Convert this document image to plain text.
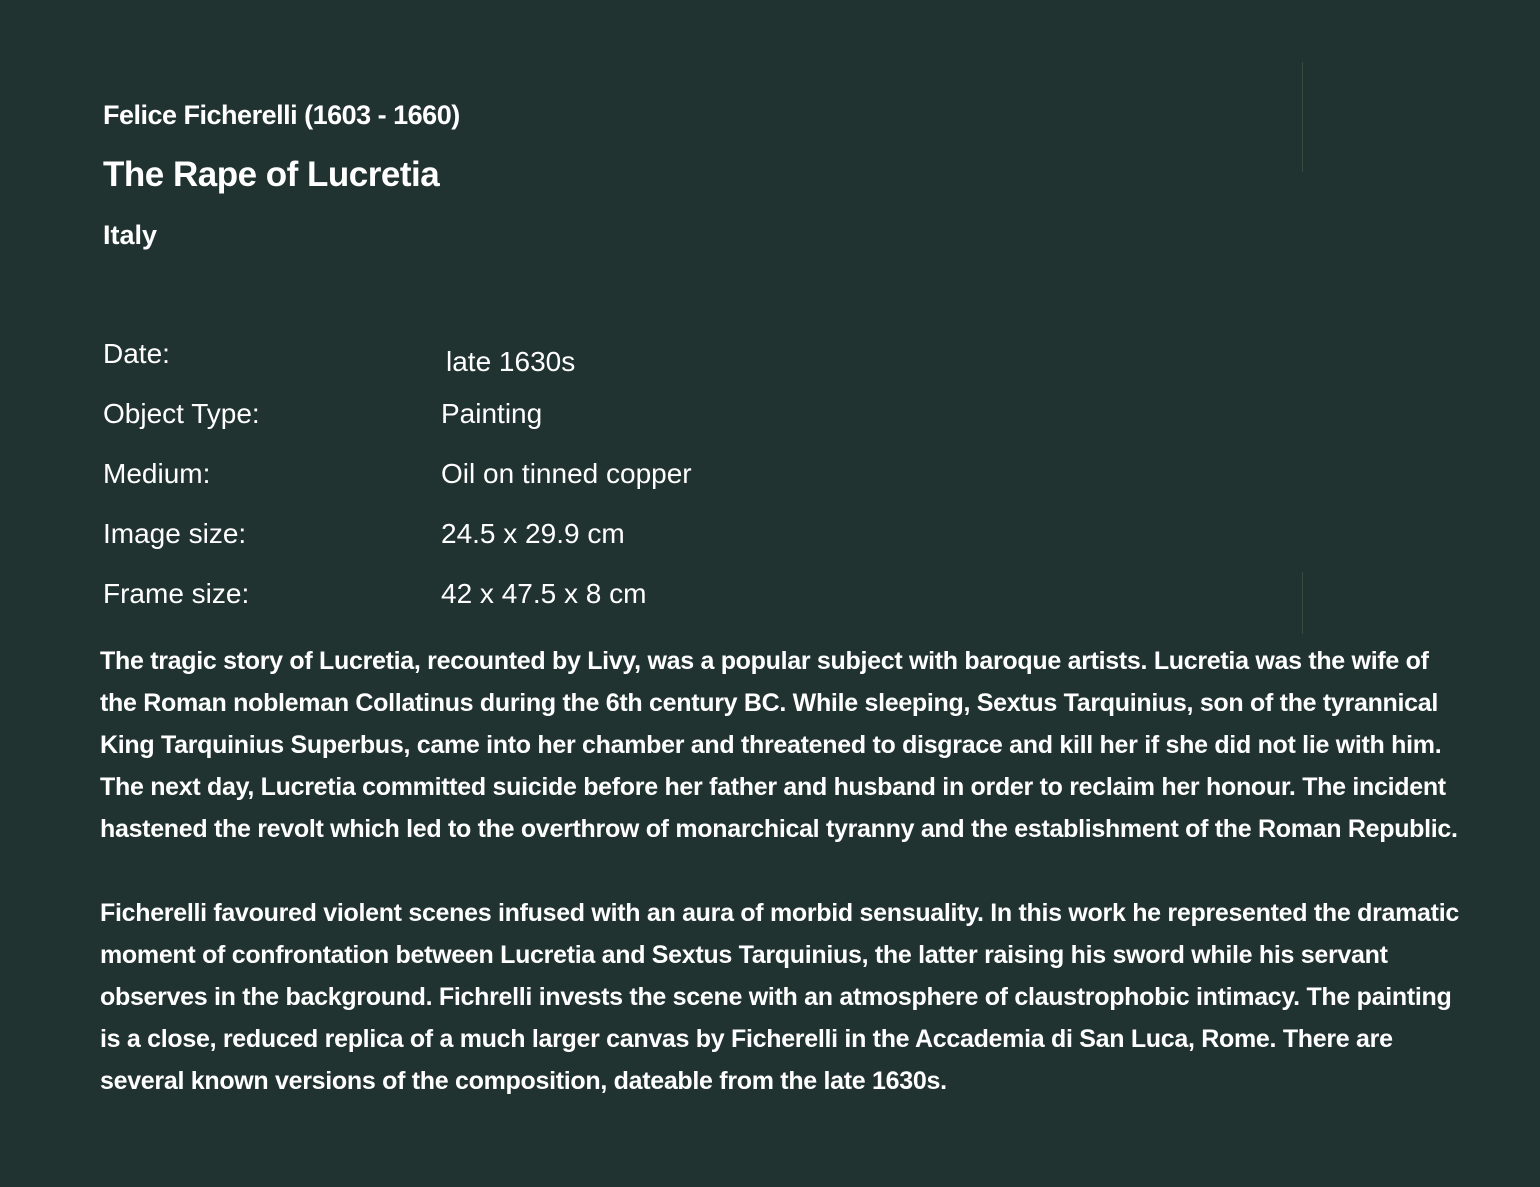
Felice Ficherelli (1603 - 1660)
The Rape of Lucretia
Italy
Date:	late 1630s
Object Type:	Painting
Medium:	Oil on tinned copper
Image size:	24.5 x 29.9 cm
Frame size:	42 x 47.5 x 8 cm

The tragic story of Lucretia, recounted by Livy, was a popular subject with baroque artists. Lucretia was the wife of the Roman nobleman Collatinus during the 6th century BC. While sleeping, Sextus Tarquinius, son of the tyrannical King Tarquinius Superbus, came into her chamber and threatened to disgrace and kill her if she did not lie with him. The next day, Lucretia committed suicide before her father and husband in order to reclaim her honour. The incident hastened the revolt which led to the overthrow of monarchical tyranny and the establishment of the Roman Republic.

Ficherelli favoured violent scenes infused with an aura of morbid sensuality. In this work he represented the dramatic moment of confrontation between Lucretia and Sextus Tarquinius, the latter raising his sword while his servant observes in the background. Fichrelli invests the scene with an atmosphere of claustrophobic intimacy. The painting is a close, reduced replica of a much larger canvas by Ficherelli in the Accademia di San Luca, Rome. There are several known versions of the composition, dateable from the late 1630s.
